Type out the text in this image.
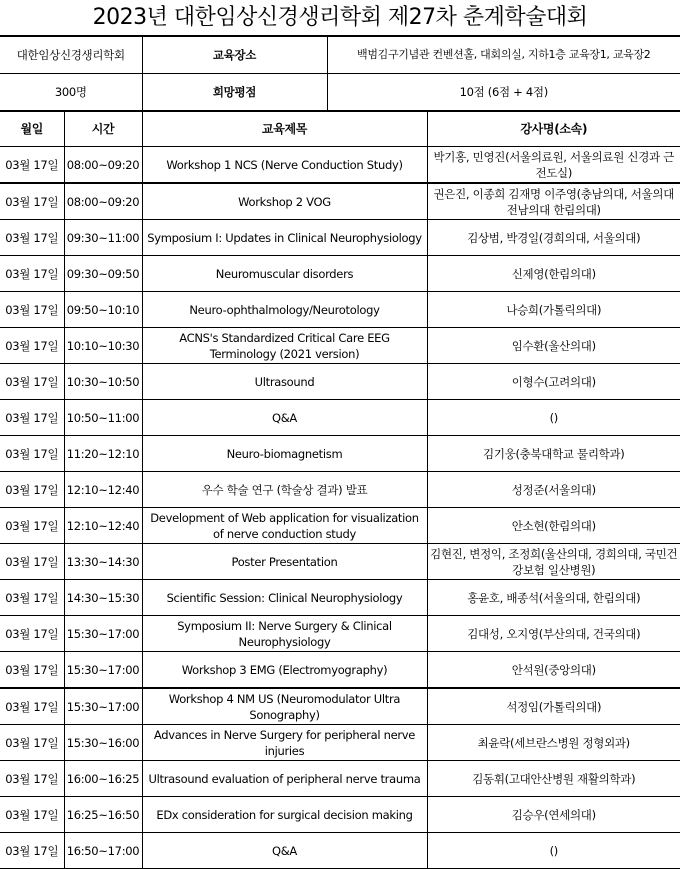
2023년 대한임상신경생리학회 제27차 춘계학술대회
대한임상신경생리학회	교육장소	백범김구기념관 컨벤션홀, 대회의실, 지하1층 교육장1, 교육장2
300명	희망평점	10점 (6점 + 4점)
월일	시간	교육제목	강사명(소속)
03월 17일	08:00~09:20	Workshop 1 NCS (Nerve Conduction Study)	박기홍, 민영진(서울의료원, 서울의료원 신경과 근전도실)
03월 17일	08:00~09:20	Workshop 2 VOG	권은진, 이종희 김재명 이주영(충남의대, 서울의대 전남의대 한림의대)
03월 17일	09:30~11:00	Symposium I: Updates in Clinical Neurophysiology	김상범, 박경일(경희의대, 서울의대)
03월 17일	09:30~09:50	Neuromuscular disorders	신제영(한림의대)
03월 17일	09:50~10:10	Neuro-ophthalmology/Neurotology	나승희(가톨릭의대)
03월 17일	10:10~10:30	ACNS's Standardized Critical Care EEG Terminology (2021 version)	임수환(울산의대)
03월 17일	10:30~10:50	Ultrasound	이형수(고려의대)
03월 17일	10:50~11:00	Q&A	()
03월 17일	11:20~12:10	Neuro-biomagnetism	김기웅(충북대학교 물리학과)
03월 17일	12:10~12:40	우수 학술 연구 (학술상 결과) 발표	성정준(서울의대)
03월 17일	12:10~12:40	Development of Web application for visualization of nerve conduction study	안소현(한림의대)
03월 17일	13:30~14:30	Poster Presentation	김현진, 변정익, 조정희(울산의대, 경희의대, 국민건강보험 일산병원)
03월 17일	14:30~15:30	Scientific Session: Clinical Neurophysiology	홍윤호, 배종석(서울의대, 한림의대)
03월 17일	15:30~17:00	Symposium II: Nerve Surgery & Clinical Neurophysiology	김대성, 오지영(부산의대, 건국의대)
03월 17일	15:30~17:00	Workshop 3 EMG (Electromyography)	안석원(중앙의대)
03월 17일	15:30~17:00	Workshop 4 NM US (Neuromodulator Ultra Sonography)	석정임(가톨릭의대)
03월 17일	15:30~16:00	Advances in Nerve Surgery for peripheral nerve injuries	최윤락(세브란스병원 정형외과)
03월 17일	16:00~16:25	Ultrasound evaluation of peripheral nerve trauma	김동휘(고대안산병원 재활의학과)
03월 17일	16:25~16:50	EDx consideration for surgical decision making	김승우(연세의대)
03월 17일	16:50~17:00	Q&A	()
